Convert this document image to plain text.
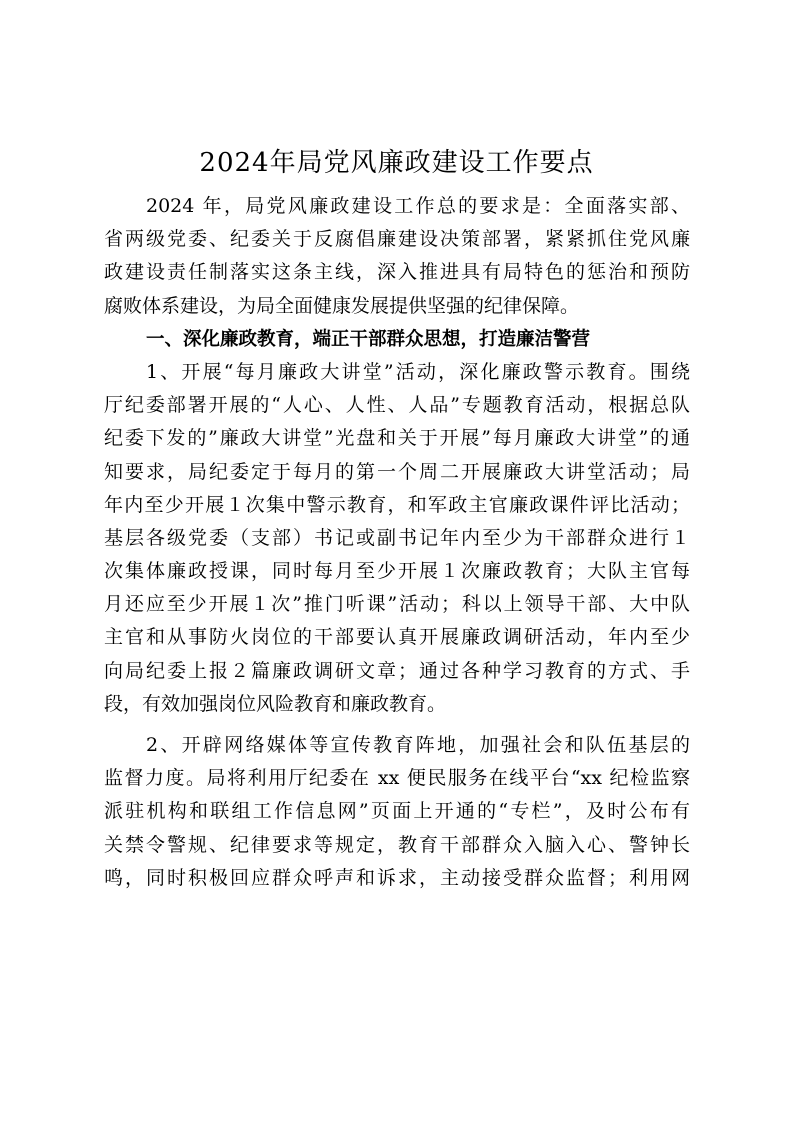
2024年局党风廉政建设工作要点
2024 年，局党风廉政建设工作总的要求是：全面落实部、
省两级党委、纪委关于反腐倡廉建设决策部署，紧紧抓住党风廉
政建设责任制落实这条主线，深入推进具有局特色的惩治和预防
腐败体系建设，为局全面健康发展提供坚强的纪律保障。
一、深化廉政教育，端正干部群众思想，打造廉洁警营
1、开展“每月廉政大讲堂”活动，深化廉政警示教育。围绕
厅纪委部署开展的“人心、人性、人品”专题教育活动，根据总队
纪委下发的”廉政大讲堂”光盘和关于开展”每月廉政大讲堂”的通
知要求，局纪委定于每月的第一个周二开展廉政大讲堂活动；局
年内至少开展１次集中警示教育，和军政主官廉政课件评比活动；
基层各级党委（支部）书记或副书记年内至少为干部群众进行１
次集体廉政授课，同时每月至少开展１次廉政教育；大队主官每
月还应至少开展１次”推门听课”活动；科以上领导干部、大中队
主官和从事防火岗位的干部要认真开展廉政调研活动，年内至少
向局纪委上报２篇廉政调研文章；通过各种学习教育的方式、手
段，有效加强岗位风险教育和廉政教育。
2、开辟网络媒体等宣传教育阵地，加强社会和队伍基层的
监督力度。局将利用厅纪委在 xx 便民服务在线平台“xx 纪检监察
派驻机构和联组工作信息网”页面上开通的“专栏”，及时公布有
关禁令警规、纪律要求等规定，教育干部群众入脑入心、警钟长
鸣，同时积极回应群众呼声和诉求，主动接受群众监督；利用网
